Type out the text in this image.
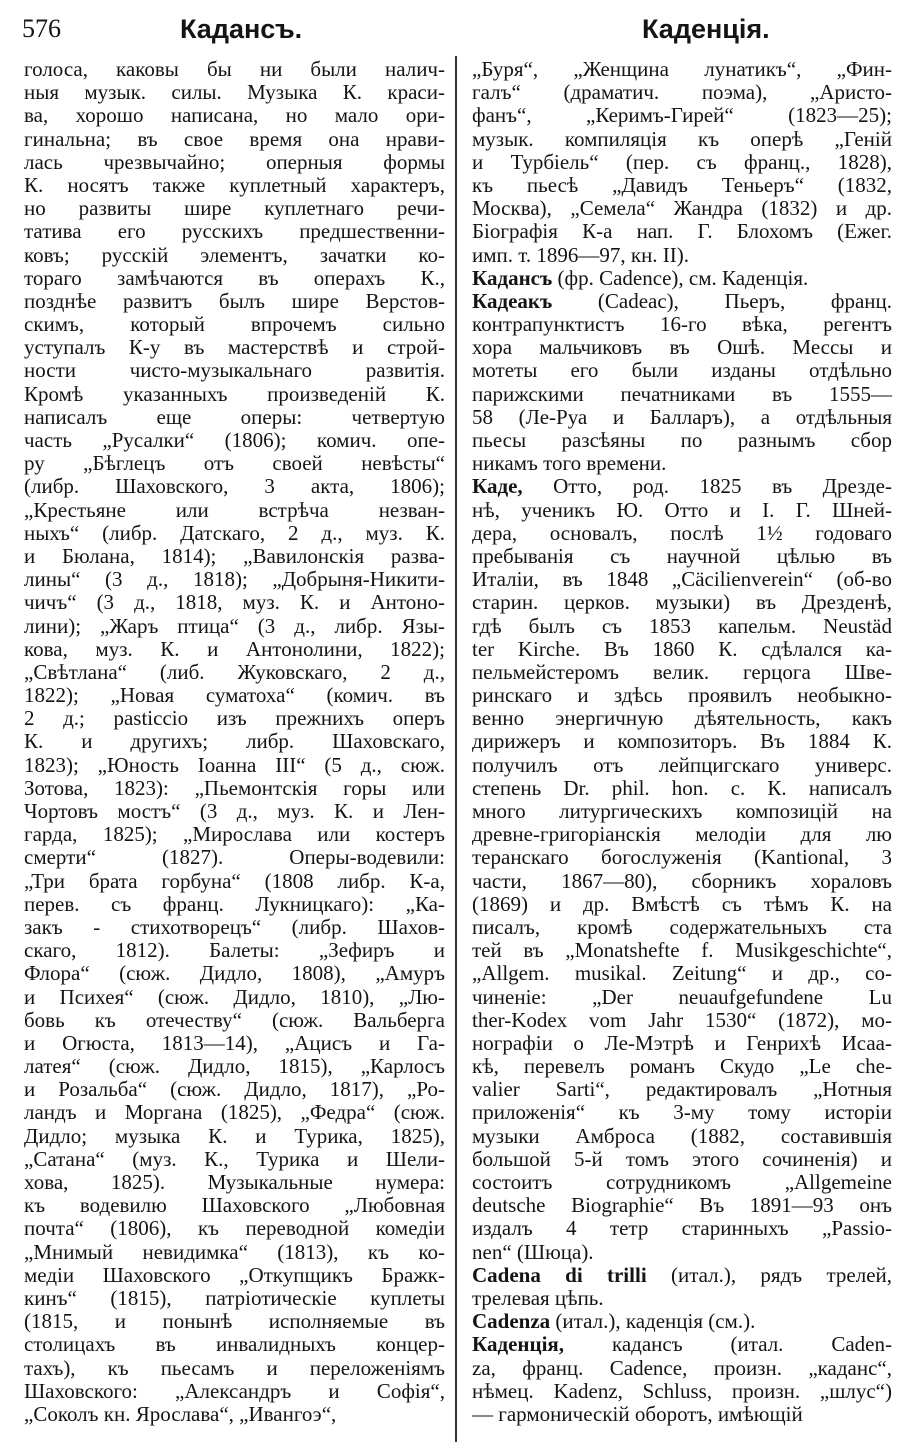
576	Кадансъ.	Каденція.
голоса, каковы бы ни были налич-
ныя музык. силы. Музыка К. краси-
ва, хорошо написана, но мало ори-
гинальна; въ свое время она нрави-
лась чрезвычайно; оперныя формы
К. носятъ также куплетный характеръ,
но развиты шире куплетнаго речи-
татива его русскихъ предшественни-
ковъ; русскій элементъ, зачатки ко-
тораго замѣчаются въ операхъ К.,
позднѣе развитъ былъ шире Верстов-
скимъ, который впрочемъ сильно
уступалъ К-у въ мастерствѣ и строй-
ности чисто-музыкальнаго развитія.
Кромѣ указанныхъ произведеній К.
написалъ еще оперы: четвертую
часть „Русалки“ (1806); комич. опе-
ру „Бѣглецъ отъ своей невѣсты“
(либр. Шаховского, 3 акта, 1806);
„Крестьяне или встрѣча незван-
ныхъ“ (либр. Датскаго, 2 д., муз. К.
и Бюлана, 1814); „Вавилонскія разва-
лины“ (3 д., 1818); „Добрыня-Никити-
чичъ“ (3 д., 1818, муз. К. и Антоно-
лини); „Жаръ птица“ (3 д., либр. Язы-
кова, муз. К. и Антонолини, 1822);
„Свѣтлана“ (либ. Жуковскаго, 2 д.,
1822); „Новая суматоха“ (комич. въ
2 д.; pasticcio изъ прежнихъ оперъ
К. и другихъ; либр. Шаховскаго,
1823); „Юность Іоанна III“ (5 д., сюж.
Зотова, 1823): „Пьемонтскія горы или
Чортовъ мостъ“ (3 д., муз. К. и Лен-
гарда, 1825); „Мирослава или костеръ
смерти“ (1827). Оперы-водевили:
„Три брата горбуна“ (1808 либр. К-а,
перев. съ франц. Лукницкаго): „Ка-
закъ - стихотворецъ“ (либр. Шахов-
скаго, 1812). Балеты: „Зефиръ и
Флора“ (сюж. Дидло, 1808), „Амуръ
и Психея“ (сюж. Дидло, 1810), „Лю-
бовь къ отечеству“ (сюж. Вальберга
и Огюста, 1813—14), „Ацисъ и Га-
латея“ (сюж. Дидло, 1815), „Карлосъ
и Розальба“ (сюж. Дидло, 1817), „Ро-
ландъ и Моргана (1825), „Федра“ (сюж.
Дидло; музыка К. и Турика, 1825),
„Сатана“ (муз. К., Турика и Шели-
хова, 1825). Музыкальные нумера:
къ водевилю Шаховского „Любовная
почта“ (1806), къ переводной комедіи
„Мнимый невидимка“ (1813), къ ко-
медіи Шаховского „Откупщикъ Бражк-
кинъ“ (1815), патріотическіе куплеты
(1815, и понынѣ исполняемые въ
столицахъ въ инвалидныхъ концер-
тахъ), къ пьесамъ и переложеніямъ
Шаховского: „Александръ и Софія“,
„Соколъ кн. Ярослава“, „Ивангоэ“,
„Буря“, „Женщина лунатикъ“, „Фин-
галъ“ (драматич. поэма), „Аристо-
фанъ“, „Керимъ-Гирей“ (1823—25);
музык. компиляція къ оперѣ „Геній
и Турбіель“ (пер. съ франц., 1828),
къ пьесѣ „Давидъ Теньеръ“ (1832,
Москва), „Семела“ Жандра (1832) и др.
Біографія К-а нап. Г. Блохомъ (Ежег.
имп. т. 1896—97, кн. II).
Кадансъ (фр. Cadence), см. Каденція.
Кадеакъ (Cadeac), Пьеръ, франц.
контрапунктистъ 16-го вѣка, регентъ
хора мальчиковъ въ Ошѣ. Мессы и
мотеты его были изданы отдѣльно
парижскими печатниками въ 1555—
58 (Ле-Руа и Балларъ), а отдѣльныя
пьесы разсѣяны по разнымъ сбор
никамъ того времени.
Каде, Отто, род. 1825 въ Дрезде-
нѣ, ученикъ Ю. Отто и І. Г. Шней-
дера, основалъ, послѣ 1½ годоваго
пребыванія съ научной цѣлью въ
Италіи, въ 1848 „Cäcilienverein“ (об-во
старин. церков. музыки) въ Дрезденѣ,
гдѣ былъ съ 1853 капельм. Neustäd
ter Kirche. Въ 1860 К. сдѣлался ка-
пельмейстеромъ велик. герцога Шве-
ринскаго и здѣсь проявилъ необыкно-
венно энергичную дѣятельность, какъ
дирижеръ и композиторъ. Въ 1884 К.
получилъ отъ лейпцигскаго универс.
степень Dr. phil. hon. c. К. написалъ
много литургическихъ композицій на
древне-григоріанскія мелодіи для лю
теранскаго богослуженія (Kantional, 3
части, 1867—80), сборникъ хораловъ
(1869) и др. Вмѣстѣ съ тѣмъ К. на
писалъ, кромѣ содержательныхъ ста
тей въ „Monatshefte f. Musikgeschichte“,
„Allgem. musikal. Zeitung“ и др., со-
чиненіе: „Der neuaufgefundene Lu
ther-Kodex vom Jahr 1530“ (1872), мо-
нографіи о Ле-Мэтрѣ и Генрихѣ Исаа-
кѣ, перевелъ романъ Скудо „Le che-
valier Sarti“, редактировалъ „Нотныя
приложенія“ къ 3-му тому исторіи
музыки Амброса (1882, составившія
большой 5-й томъ этого сочиненія) и
состоитъ сотрудникомъ „Allgemeine
deutsche Biographie“ Въ 1891—93 онъ
издалъ 4 тетр старинныхъ „Passio-
nen“ (Шюца).
Cadena di trilli (итал.), рядъ трелей,
трелевая цѣпь.
Cadenza (итал.), каденція (см.).
Каденція, кадансъ (итал. Caden-
za, франц. Cadence, произн. „каданс“,
нѣмец. Kadenz, Schluss, произн. „шлус“)
— гармоническій оборотъ, имѣющій
